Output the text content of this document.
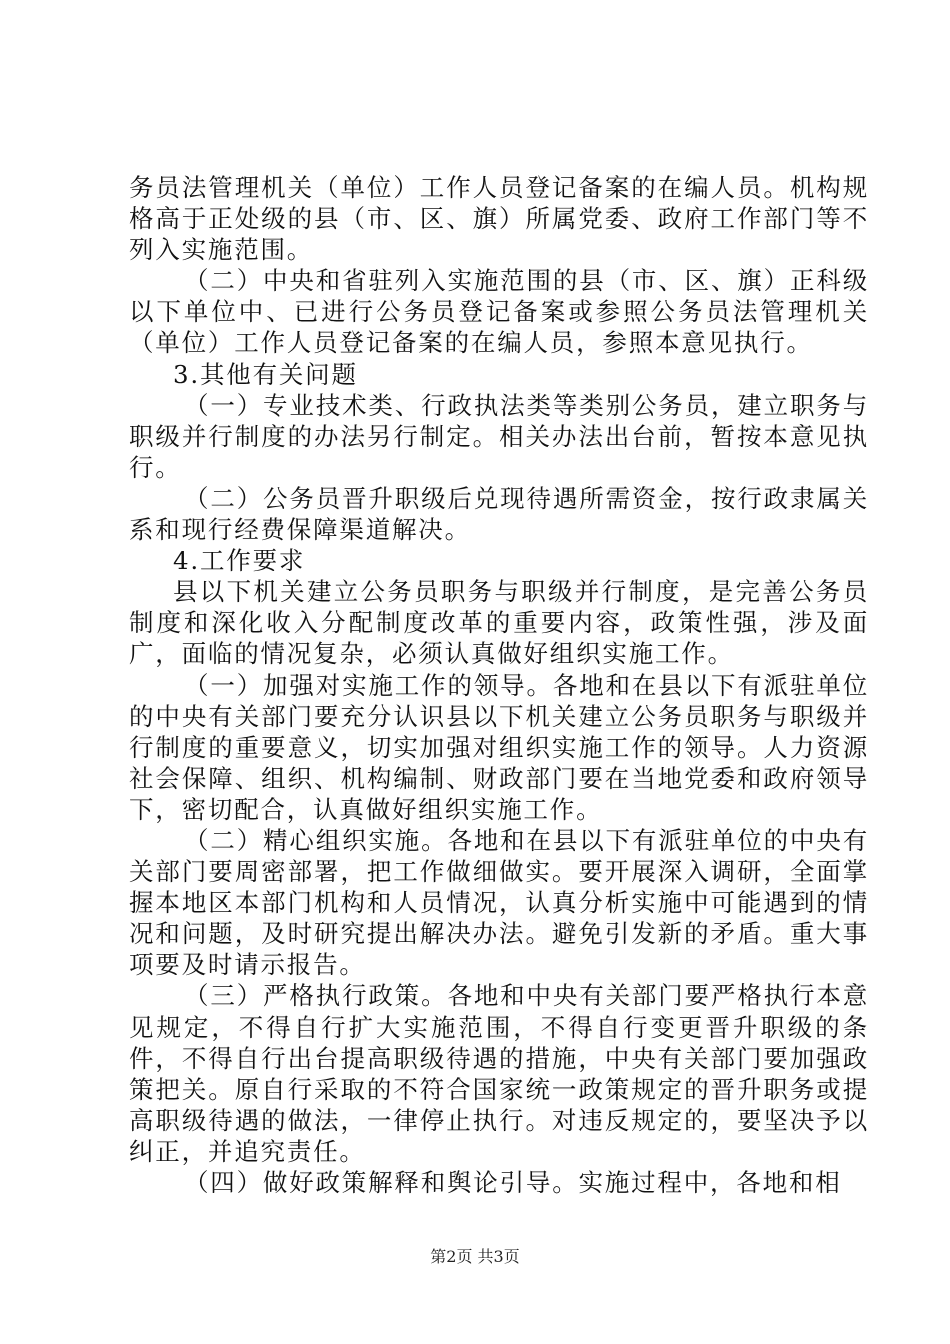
务员法管理机关（单位）工作人员登记备案的在编人员。机构规格高于正处级的县（市、区、旗）所属党委、政府工作部门等不列入实施范围。

（二）中央和省驻列入实施范围的县（市、区、旗）正科级以下单位中、已进行公务员登记备案或参照公务员法管理机关（单位）工作人员登记备案的在编人员，参照本意见执行。

3.其他有关问题

（一）专业技术类、行政执法类等类别公务员，建立职务与职级并行制度的办法另行制定。相关办法出台前，暂按本意见执行。

（二）公务员晋升职级后兑现待遇所需资金，按行政隶属关系和现行经费保障渠道解决。

4.工作要求

县以下机关建立公务员职务与职级并行制度，是完善公务员制度和深化收入分配制度改革的重要内容，政策性强，涉及面广，面临的情况复杂，必须认真做好组织实施工作。

（一）加强对实施工作的领导。各地和在县以下有派驻单位的中央有关部门要充分认识县以下机关建立公务员职务与职级并行制度的重要意义，切实加强对组织实施工作的领导。人力资源社会保障、组织、机构编制、财政部门要在当地党委和政府领导下，密切配合，认真做好组织实施工作。

（二）精心组织实施。各地和在县以下有派驻单位的中央有关部门要周密部署，把工作做细做实。要开展深入调研，全面掌握本地区本部门机构和人员情况，认真分析实施中可能遇到的情况和问题，及时研究提出解决办法。避免引发新的矛盾。重大事项要及时请示报告。

（三）严格执行政策。各地和中央有关部门要严格执行本意见规定，不得自行扩大实施范围，不得自行变更晋升职级的条件，不得自行出台提高职级待遇的措施，中央有关部门要加强政策把关。原自行采取的不符合国家统一政策规定的晋升职务或提高职级待遇的做法，一律停止执行。对违反规定的，要坚决予以纠正，并追究责任。

（四）做好政策解释和舆论引导。实施过程中，各地和相

第2页 共3页
